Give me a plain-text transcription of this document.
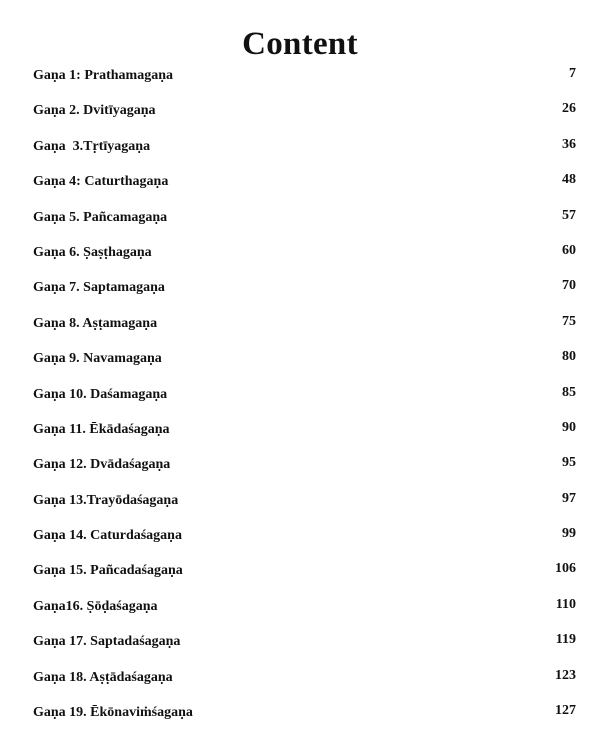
Content
Gaṇa 1: Prathamagaṇa	7
Gaṇa 2. Dvitīyagaṇa	26
Gaṇa  3.Tṛtīyagaṇa	36
Gaṇa 4: Caturthagaṇa	48
Gaṇa 5. Pañcamagaṇa	57
Gaṇa 6. Ṣaṣṭhagaṇa	60
Gaṇa 7. Saptamagaṇa	70
Gaṇa 8. Aṣṭamagaṇa	75
Gaṇa 9. Navamagaṇa	80
Gaṇa 10. Daśamagaṇa	85
Gaṇa 11. Ēkādaśagaṇa	90
Gaṇa 12. Dvādaśagaṇa	95
Gaṇa 13.Trayōdaśagaṇa	97
Gaṇa 14. Caturdaśagaṇa	99
Gaṇa 15. Pañcadaśagaṇa	106
Gaṇa16. Ṣōḍaśagaṇa	110
Gaṇa 17. Saptadaśagaṇa	119
Gaṇa 18. Aṣṭādaśagaṇa	123
Gaṇa 19. Ēkōnaviṁśagaṇa	127
